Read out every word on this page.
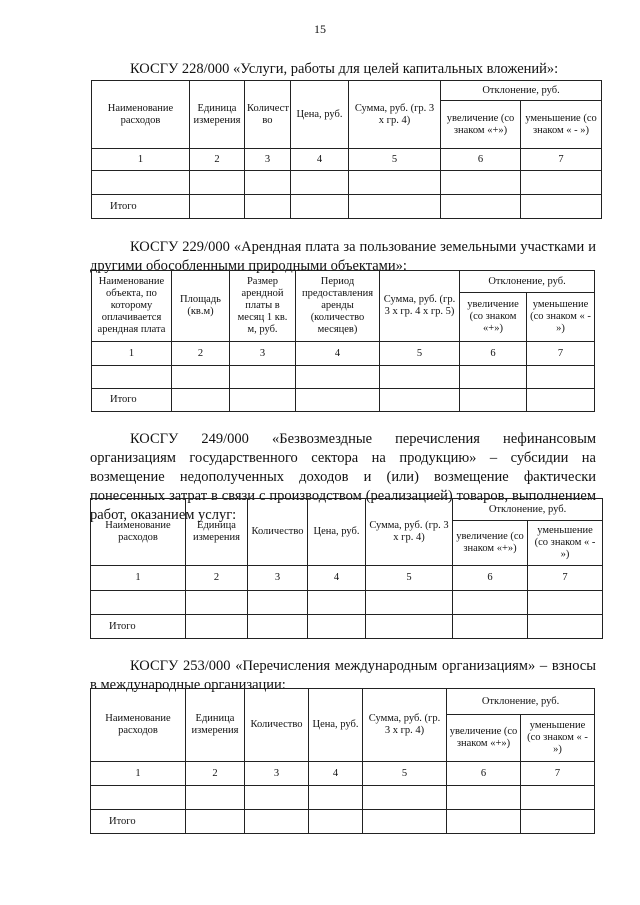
15
КОСГУ 228/000 «Услуги, работы для целей капитальных вложений»:
Наименование расходов	Единица измерения	Количест во	Цена, руб.	Сумма, руб. (гр. 3 х гр. 4)	Отклонение, руб.	
					увеличение (со знаком «+»)	уменьшение (со знаком « - »)
1	2	3	4	5	6	7

Итого						
КОСГУ 229/000 «Арендная плата за пользование земельными участками и другими обособленными природными объектами»:
Наименование объекта, по которому оплачивается арендная плата	Площадь (кв.м)	Размер арендной платы в месяц 1 кв. м, руб.	Период предоставления аренды (количество месяцев)	Сумма, руб. (гр. 3 х гр. 4 х гр. 5)	Отклонение, руб.	
					увеличение (со знаком «+»)	уменьшение (со знаком « - »)
1	2	3	4	5	6	7

Итого						
КОСГУ 249/000 «Безвозмездные перечисления нефинансовым организациям государственного сектора на продукцию» – субсидии на возмещение недополученных доходов и (или) возмещение фактически понесенных затрат в связи с производством (реализацией) товаров, выполнением работ, оказанием услуг:
Наименование расходов	Единица измерения	Количество	Цена, руб.	Сумма, руб. (гр. 3 х гр. 4)	Отклонение, руб.	
					увеличение (со знаком «+»)	уменьшение (со знаком « - »)
1	2	3	4	5	6	7

Итого						
КОСГУ 253/000 «Перечисления международным организациям» – взносы в международные организации:
Наименование расходов	Единица измерения	Количество	Цена, руб.	Сумма, руб. (гр. 3 х гр. 4)	Отклонение, руб.	
					увеличение (со знаком «+»)	уменьшение (со знаком « - »)
1	2	3	4	5	6	7

Итого						
